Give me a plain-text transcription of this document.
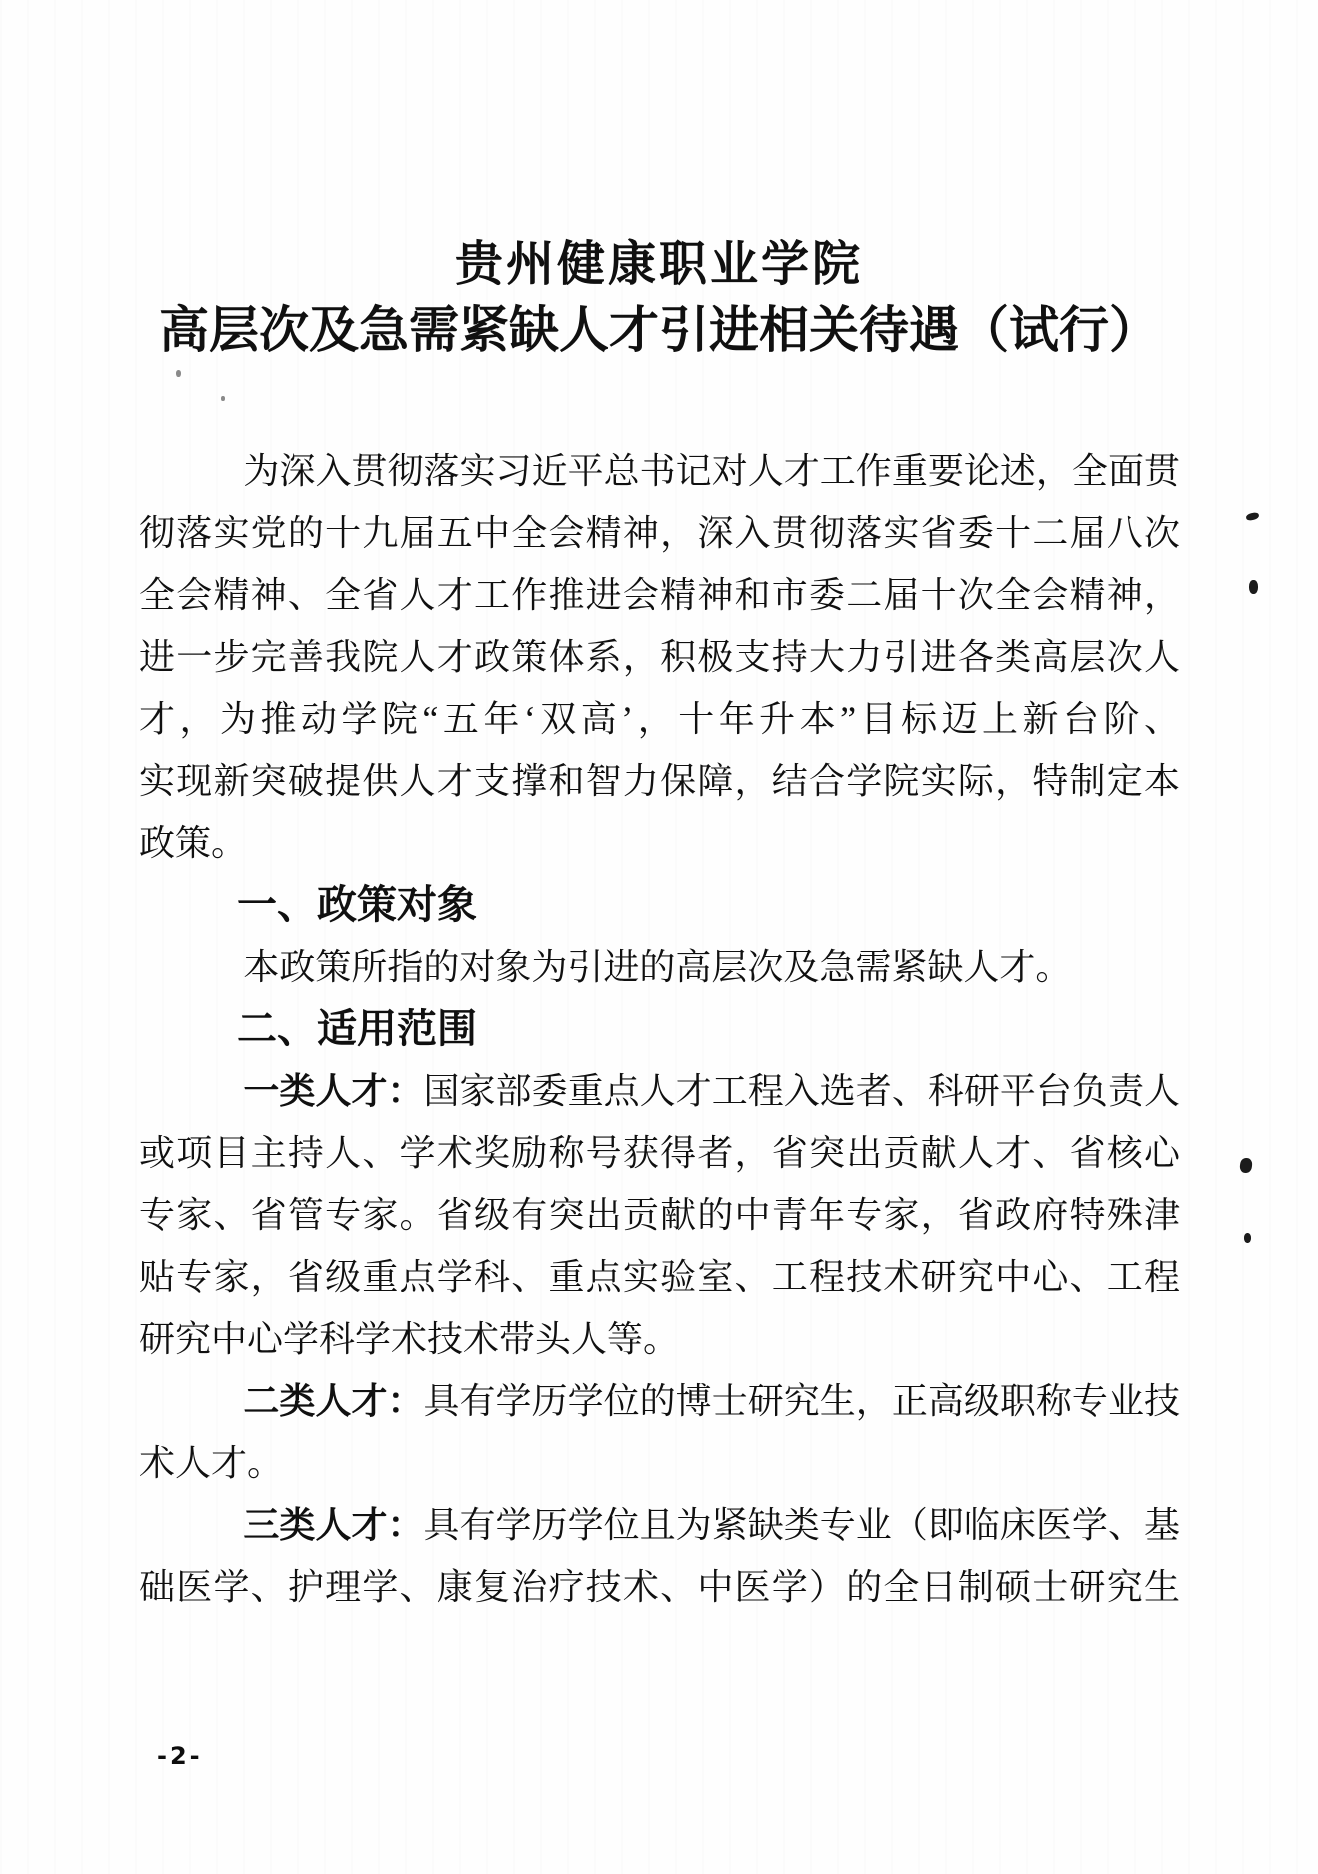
贵州健康职业学院
高层次及急需紧缺人才引进相关待遇（试行）
为深入贯彻落实习近平总书记对人才工作重要论述，全面贯
彻落实党的十九届五中全会精神，深入贯彻落实省委十二届八次
全会精神、全省人才工作推进会精神和市委二届十次全会精神，
进一步完善我院人才政策体系，积极支持大力引进各类高层次人
才，为推动学院“五年‘双高’，十年升本”目标迈上新台阶、
实现新突破提供人才支撑和智力保障，结合学院实际，特制定本
政策。
一、政策对象
本政策所指的对象为引进的高层次及急需紧缺人才。
二、适用范围
一类人才：国家部委重点人才工程入选者、科研平台负责人
或项目主持人、学术奖励称号获得者，省突出贡献人才、省核心
专家、省管专家。省级有突出贡献的中青年专家，省政府特殊津
贴专家，省级重点学科、重点实验室、工程技术研究中心、工程
研究中心学科学术技术带头人等。
二类人才：具有学历学位的博士研究生，正高级职称专业技
术人才。
三类人才：具有学历学位且为紧缺类专业（即临床医学、基
础医学、护理学、康复治疗技术、中医学）的全日制硕士研究生
-2-
